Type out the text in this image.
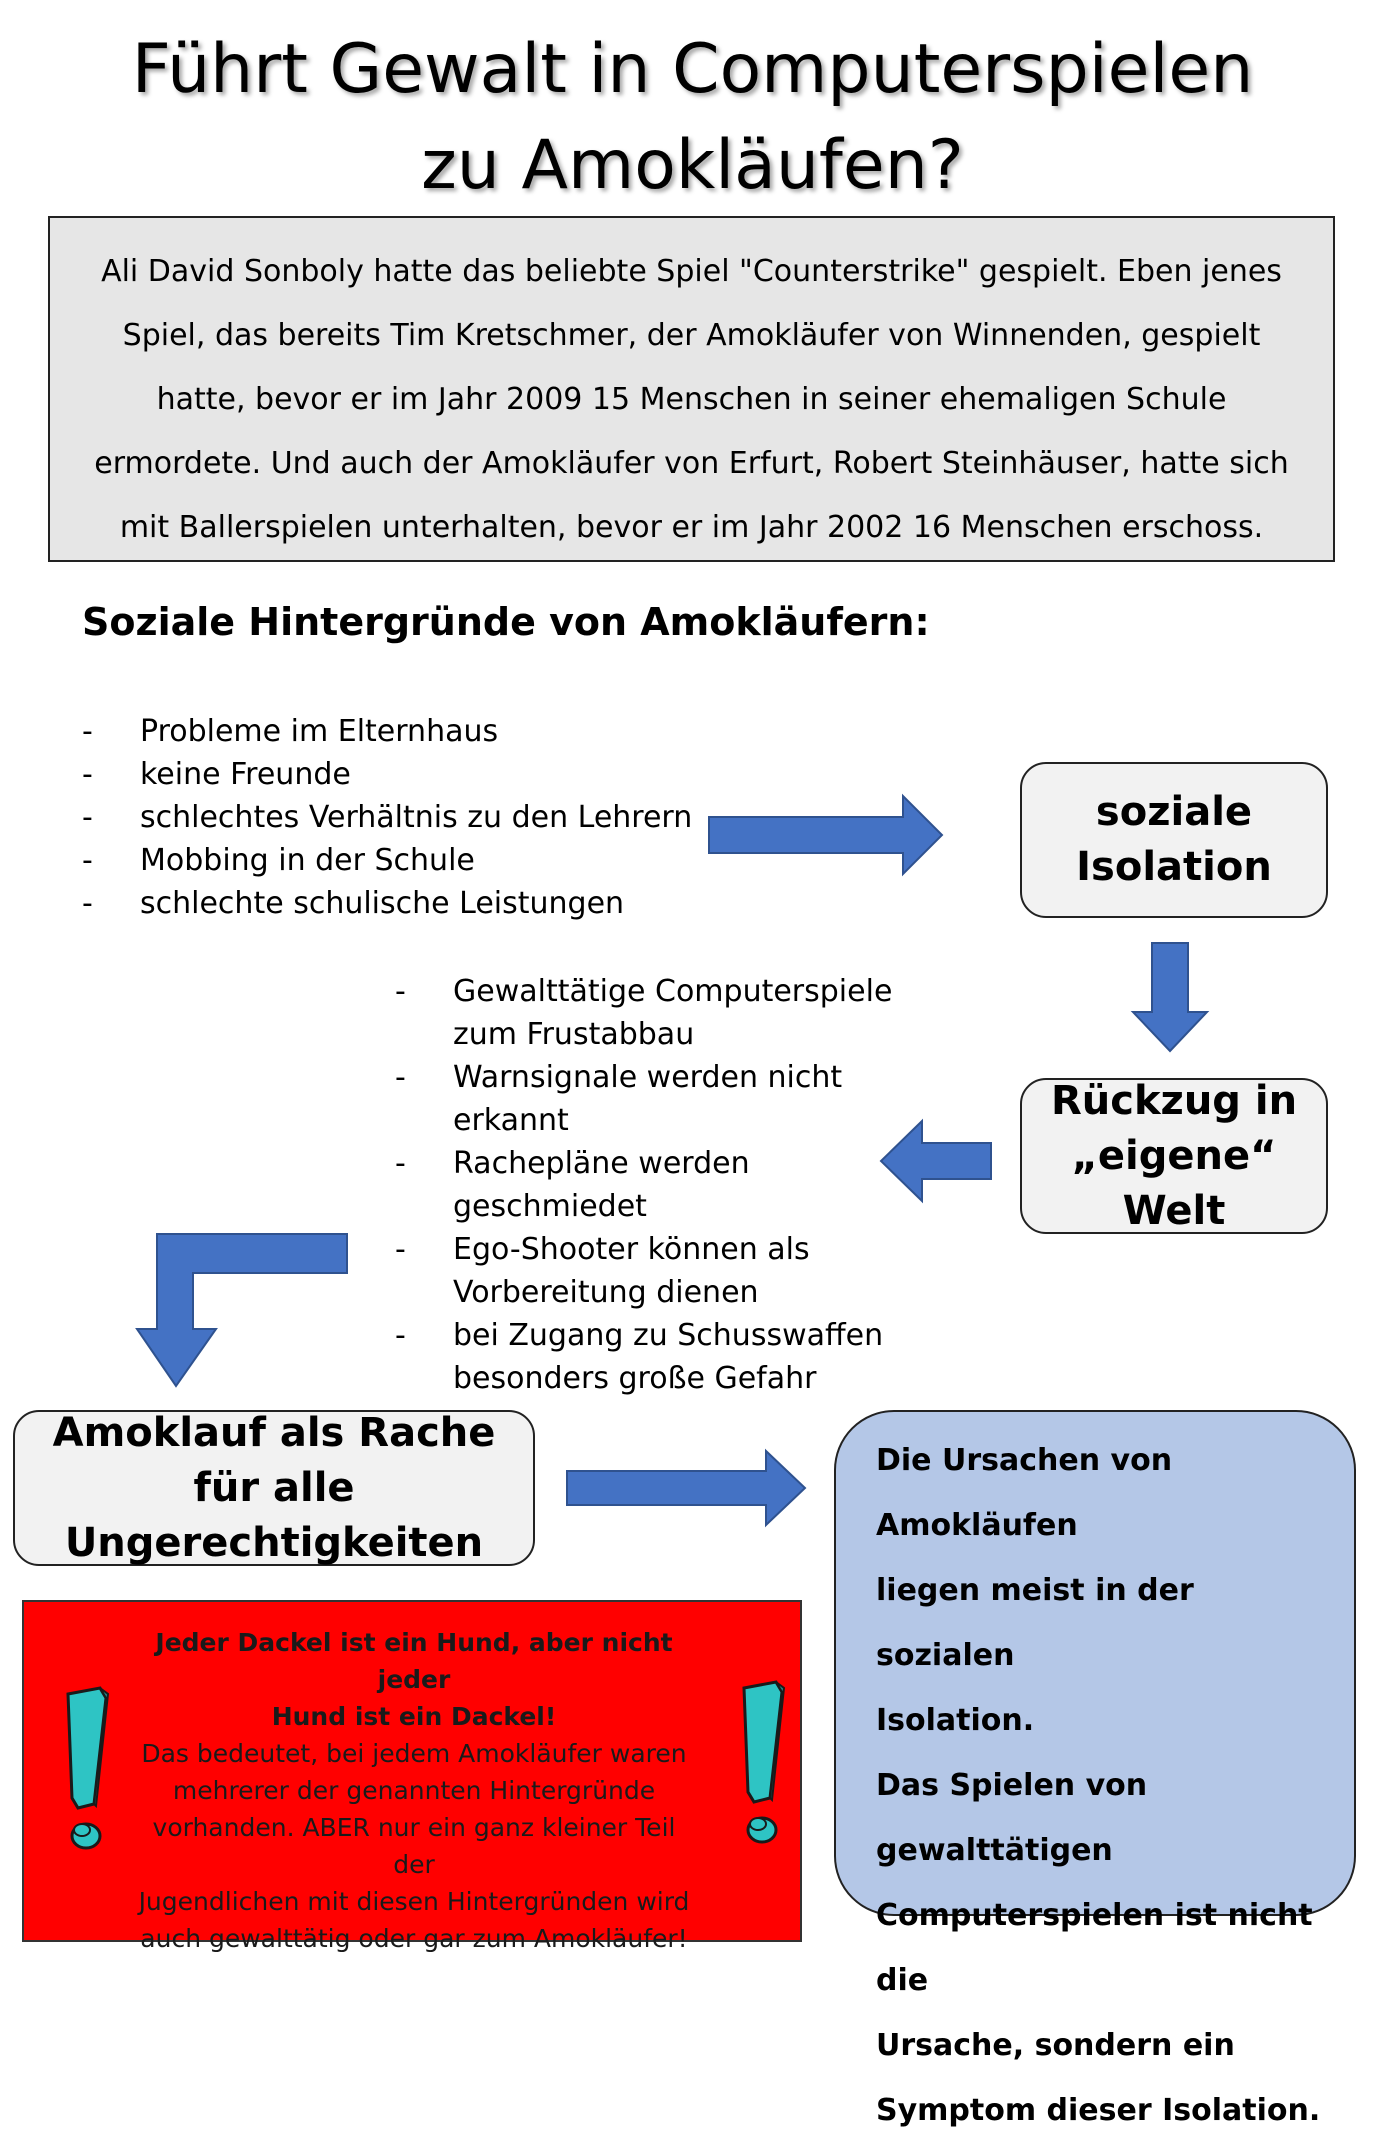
Führt Gewalt in Computerspielen
zu Amokläufen?
Ali David Sonboly hatte das beliebte Spiel "Counterstrike" gespielt. Eben jenes
Spiel, das bereits Tim Kretschmer, der Amokläufer von Winnenden, gespielt
hatte, bevor er im Jahr 2009 15 Menschen in seiner ehemaligen Schule
ermordete. Und auch der Amokläufer von Erfurt, Robert Steinhäuser, hatte sich
mit Ballerspielen unterhalten, bevor er im Jahr 2002 16 Menschen erschoss.
Soziale Hintergründe von Amokläufern:
- Probleme im Elternhaus
- keine Freunde
- schlechtes Verhältnis zu den Lehrern
- Mobbing in der Schule
- schlechte schulische Leistungen
soziale
Isolation
Rückzug in
„eigene“ Welt
- Gewalttätige Computerspiele
zum Frustabbau
- Warnsignale werden nicht
erkannt
- Rachepläne werden
geschmiedet
- Ego-Shooter können als
Vorbereitung dienen
- bei Zugang zu Schusswaffen
besonders große Gefahr
Amoklauf als Rache
für alle Ungerechtigkeiten
Die Ursachen von Amokläufen
liegen meist in der sozialen
Isolation.
Das Spielen von gewalttätigen
Computerspielen ist nicht die
Ursache, sondern ein
Symptom dieser Isolation.
Jeder Dackel ist ein Hund, aber nicht jeder
Hund ist ein Dackel!
Das bedeutet, bei jedem Amokläufer waren
mehrerer der genannten Hintergründe
vorhanden. ABER nur ein ganz kleiner Teil der
Jugendlichen mit diesen Hintergründen wird
auch gewalttätig oder gar zum Amokläufer!
